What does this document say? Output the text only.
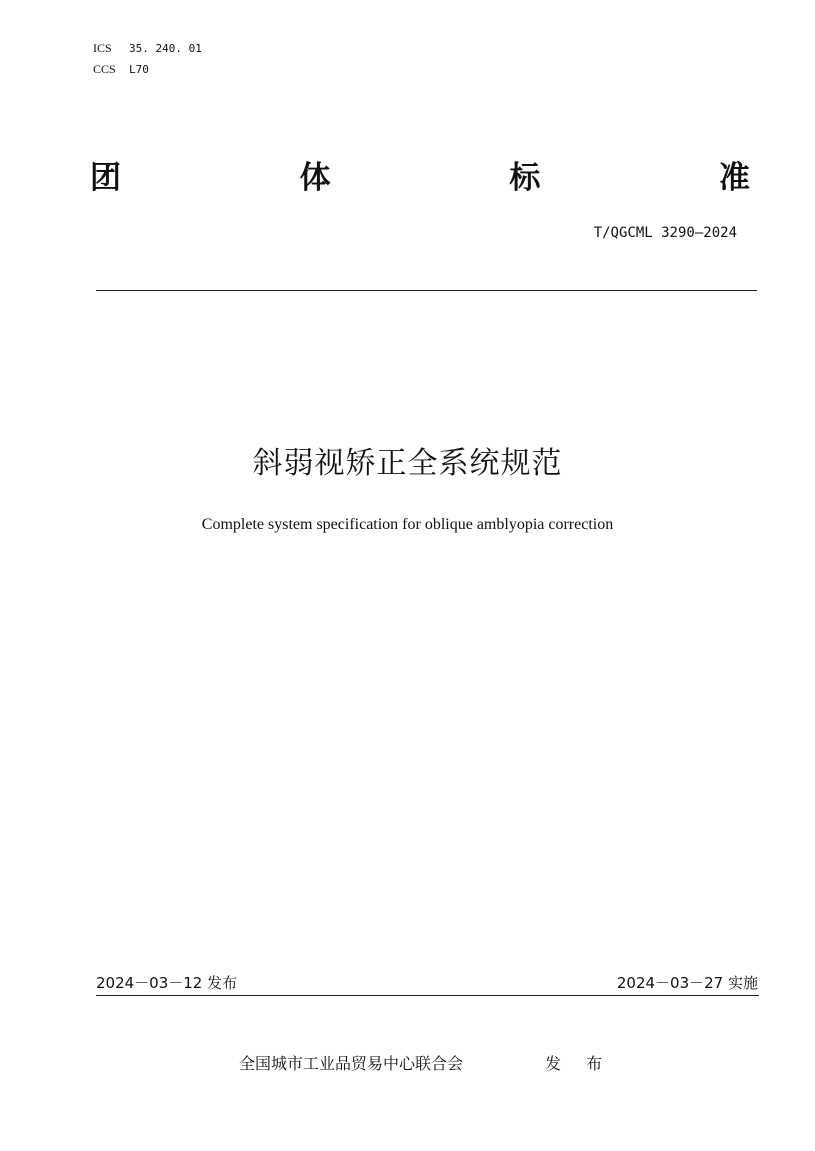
ICS 35. 240. 01
CCS L70
团	体	标	准
T/QGCML 3290—2024
斜弱视矫正全系统规范
Complete system specification for oblique amblyopia correction
2024－03－12 发布	2024－03－27 实施
全国城市工业品贸易中心联合会	发 布
